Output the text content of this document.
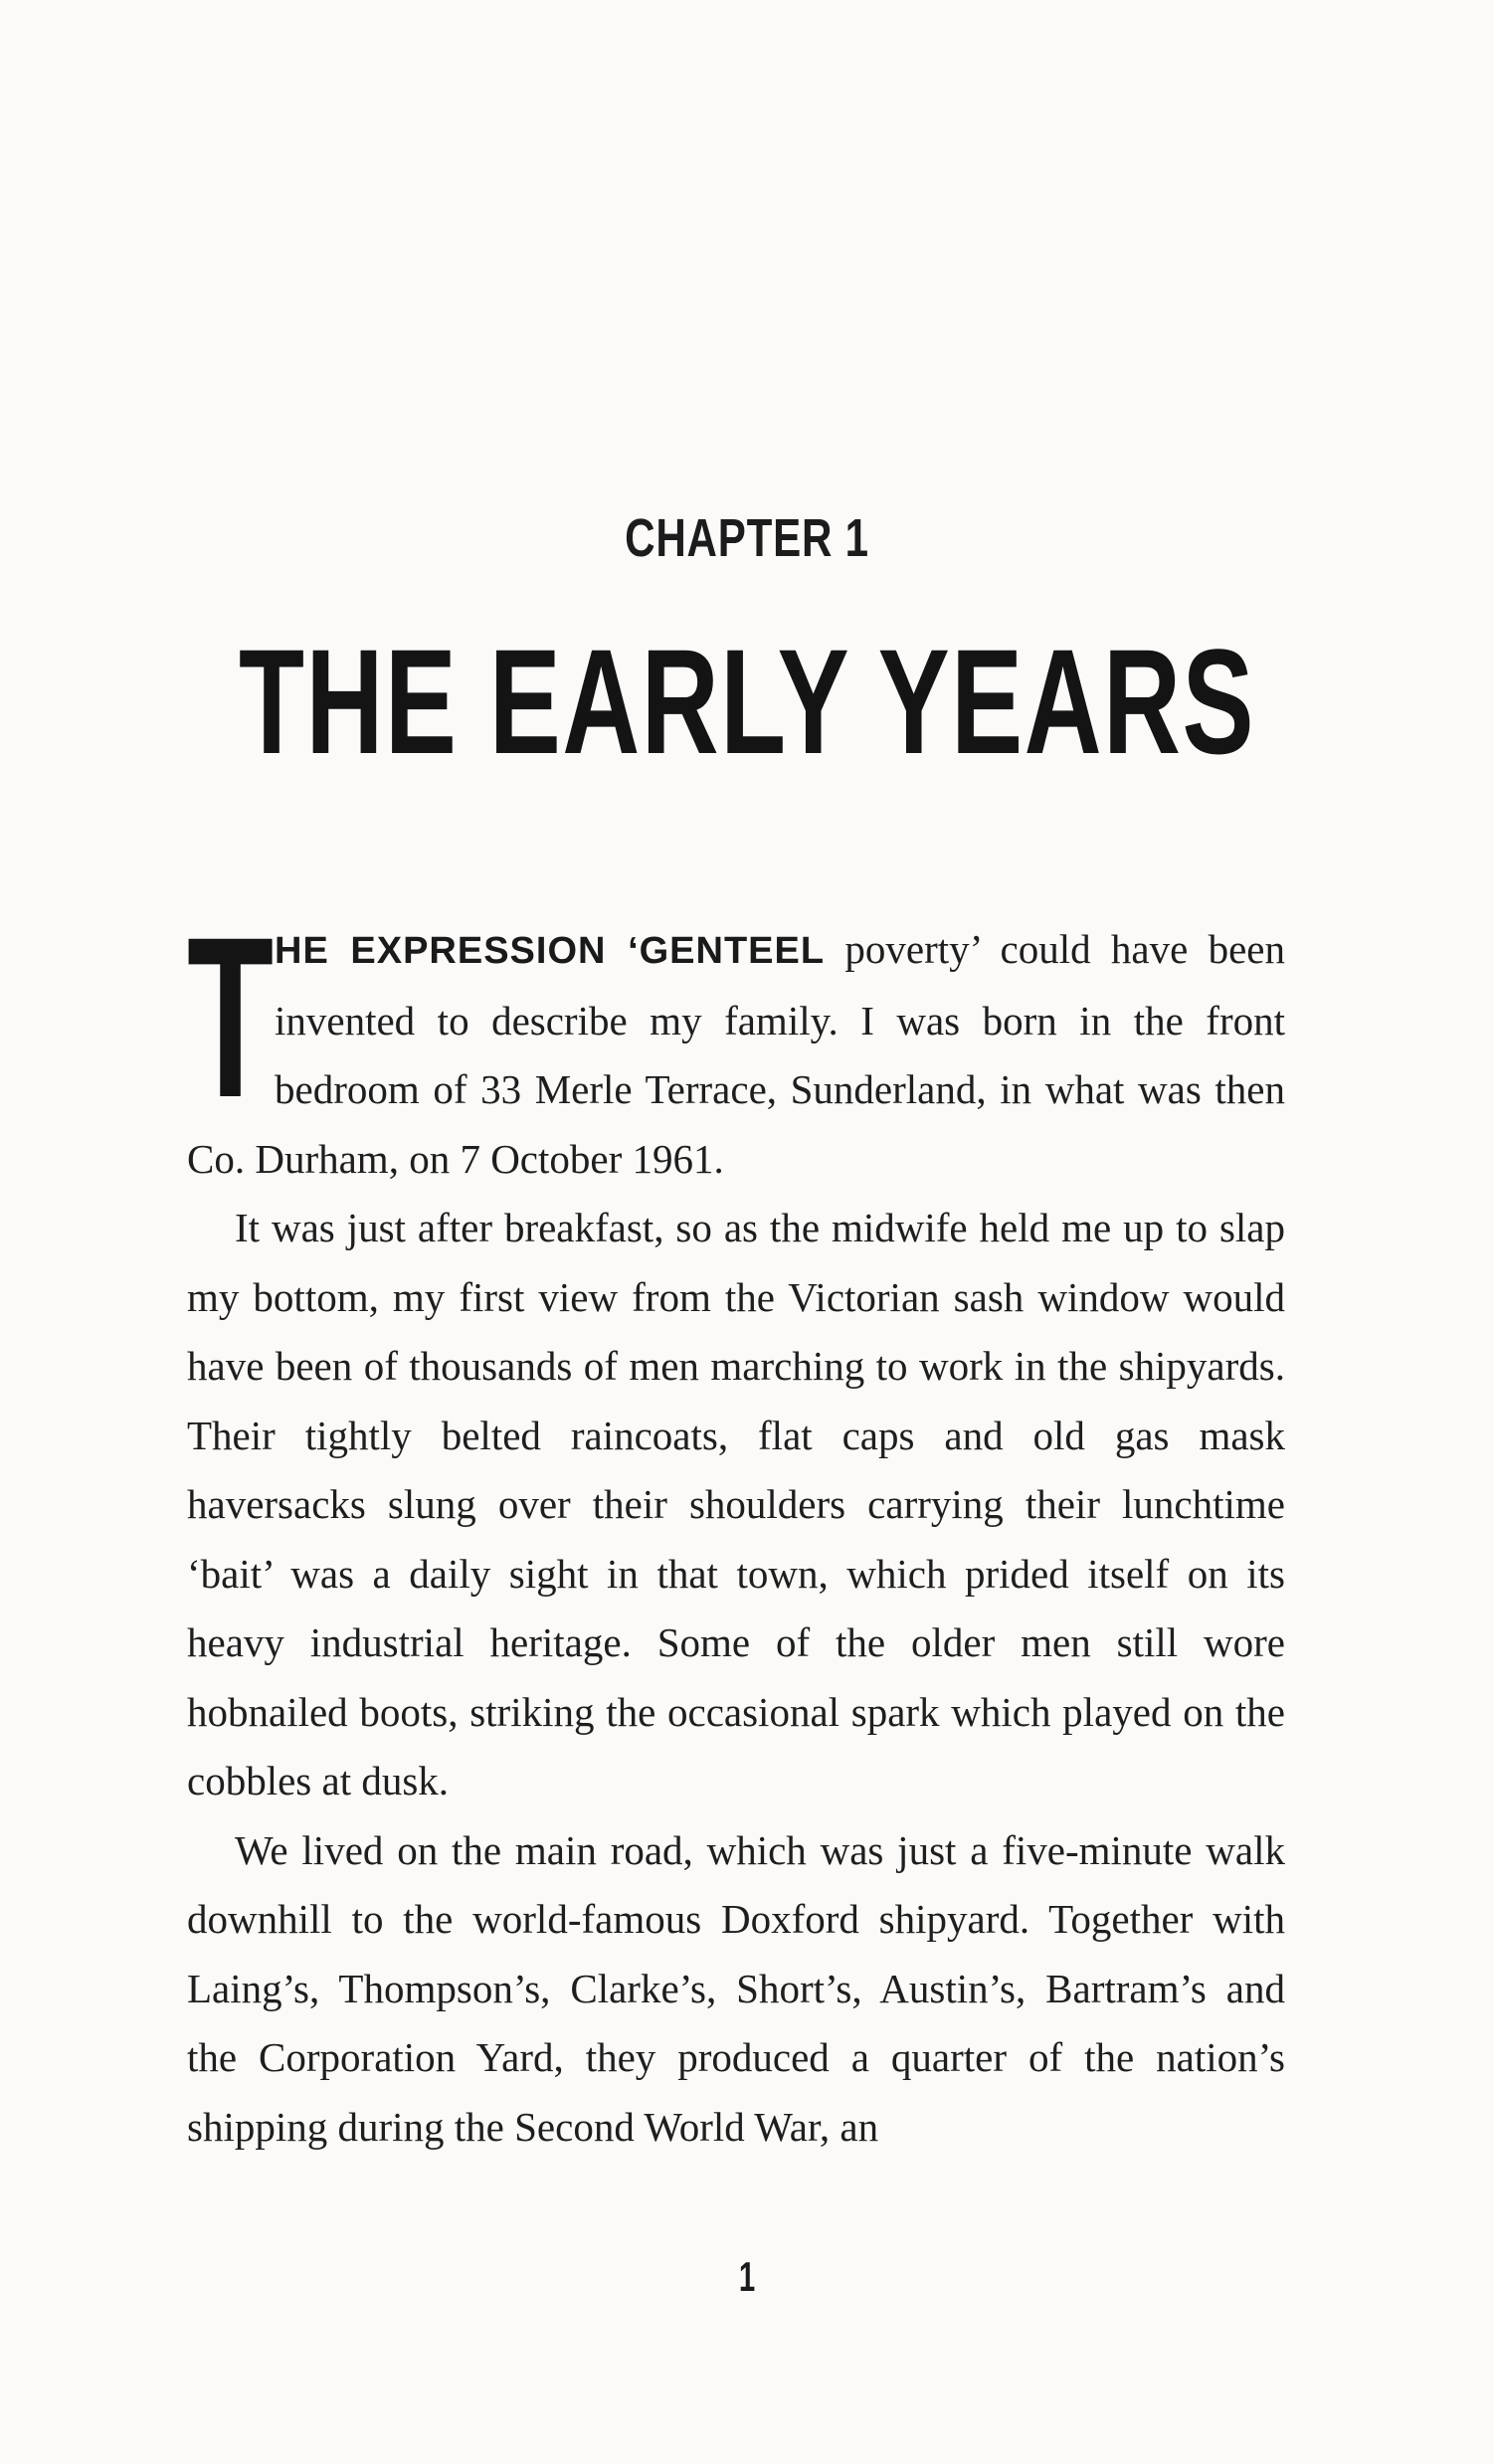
CHAPTER 1
THE EARLY YEARS

THE EXPRESSION ‘GENTEEL poverty’ could have been invented to describe my family. I was born in the front bedroom of 33 Merle Terrace, Sunderland, in what was then Co. Durham, on 7 October 1961.

It was just after breakfast, so as the midwife held me up to slap my bottom, my first view from the Victorian sash window would have been of thousands of men marching to work in the shipyards. Their tightly belted raincoats, flat caps and old gas mask haversacks slung over their shoulders carrying their lunchtime ‘bait’ was a daily sight in that town, which prided itself on its heavy industrial heritage. Some of the older men still wore hobnailed boots, striking the occasional spark which played on the cobbles at dusk.

We lived on the main road, which was just a five-minute walk downhill to the world-famous Doxford shipyard. Together with Laing’s, Thompson’s, Clarke’s, Short’s, Austin’s, Bartram’s and the Corporation Yard, they produced a quarter of the nation’s shipping during the Second World War, an

1
